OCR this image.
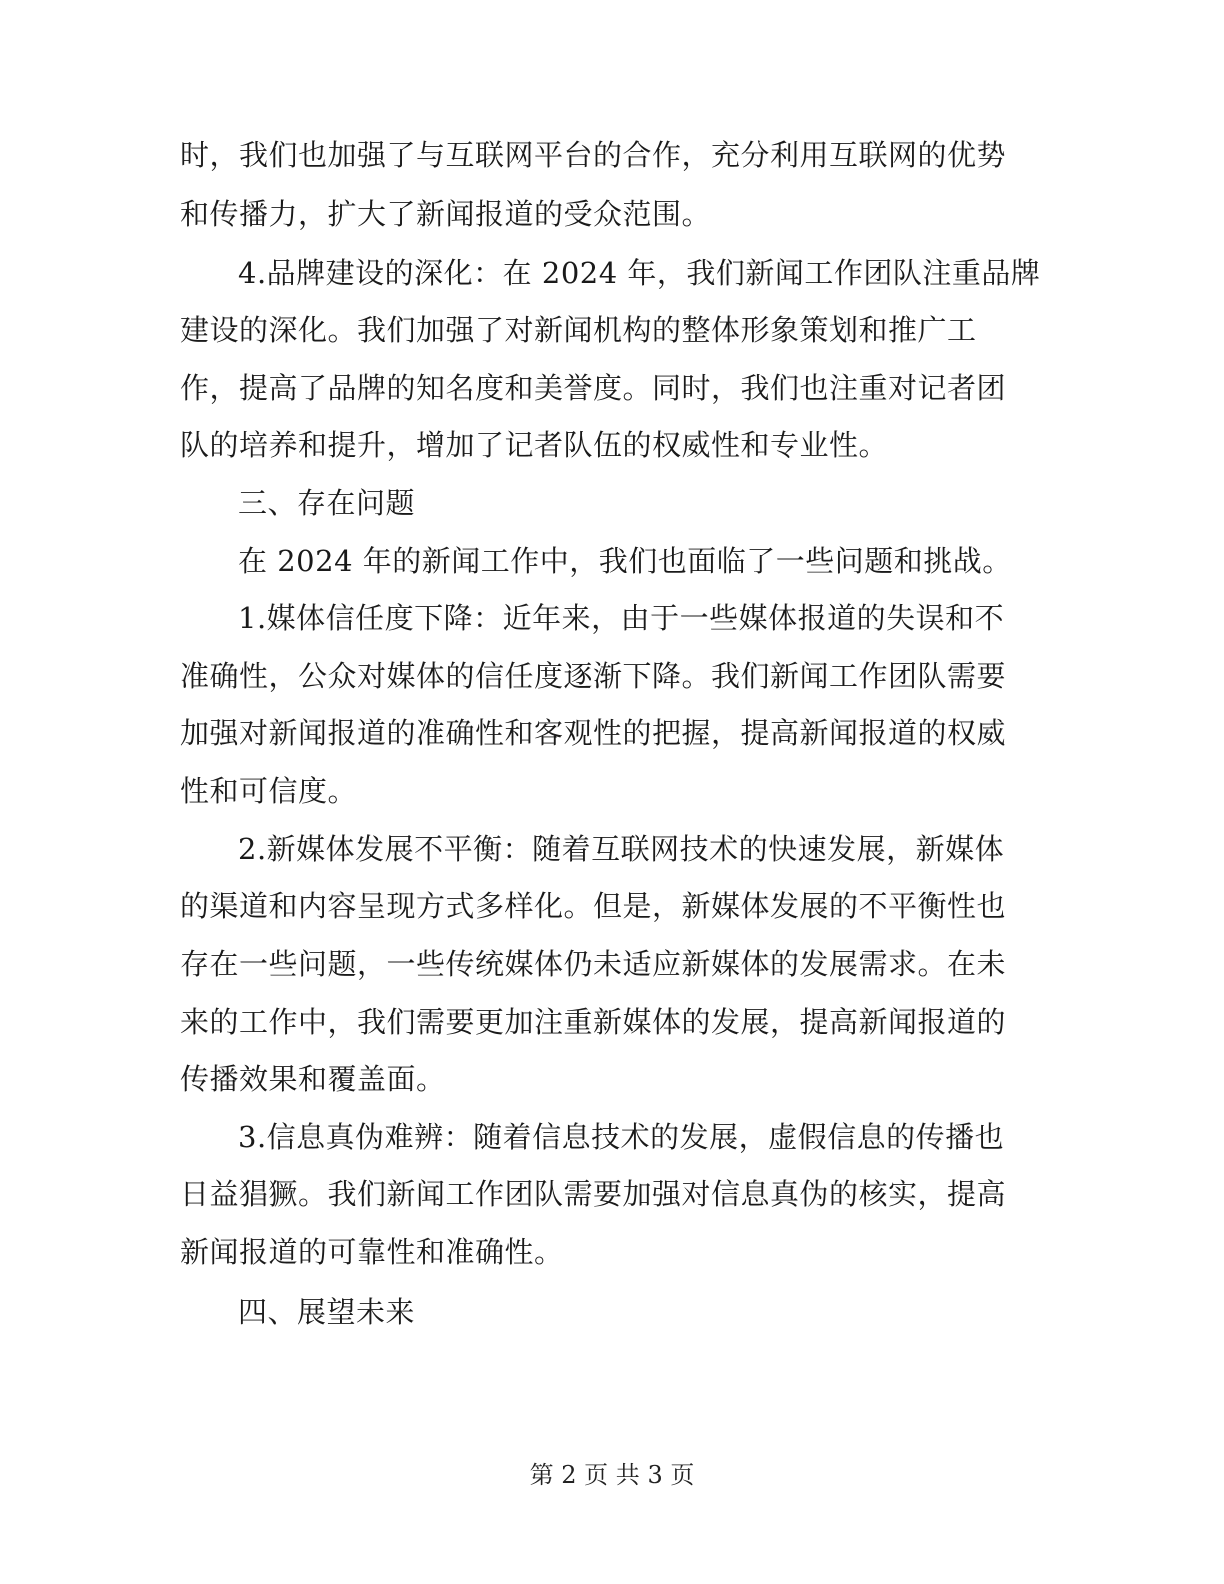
时，我们也加强了与互联网平台的合作，充分利用互联网的优势
和传播力，扩大了新闻报道的受众范围。
4.品牌建设的深化：在 2024 年，我们新闻工作团队注重品牌
建设的深化。我们加强了对新闻机构的整体形象策划和推广工
作，提高了品牌的知名度和美誉度。同时，我们也注重对记者团
队的培养和提升，增加了记者队伍的权威性和专业性。
三、存在问题
在 2024 年的新闻工作中，我们也面临了一些问题和挑战。
1.媒体信任度下降：近年来，由于一些媒体报道的失误和不
准确性，公众对媒体的信任度逐渐下降。我们新闻工作团队需要
加强对新闻报道的准确性和客观性的把握，提高新闻报道的权威
性和可信度。
2.新媒体发展不平衡：随着互联网技术的快速发展，新媒体
的渠道和内容呈现方式多样化。但是，新媒体发展的不平衡性也
存在一些问题，一些传统媒体仍未适应新媒体的发展需求。在未
来的工作中，我们需要更加注重新媒体的发展，提高新闻报道的
传播效果和覆盖面。
3.信息真伪难辨：随着信息技术的发展，虚假信息的传播也
日益猖獗。我们新闻工作团队需要加强对信息真伪的核实，提高
新闻报道的可靠性和准确性。
四、展望未来
第 2 页 共 3 页
